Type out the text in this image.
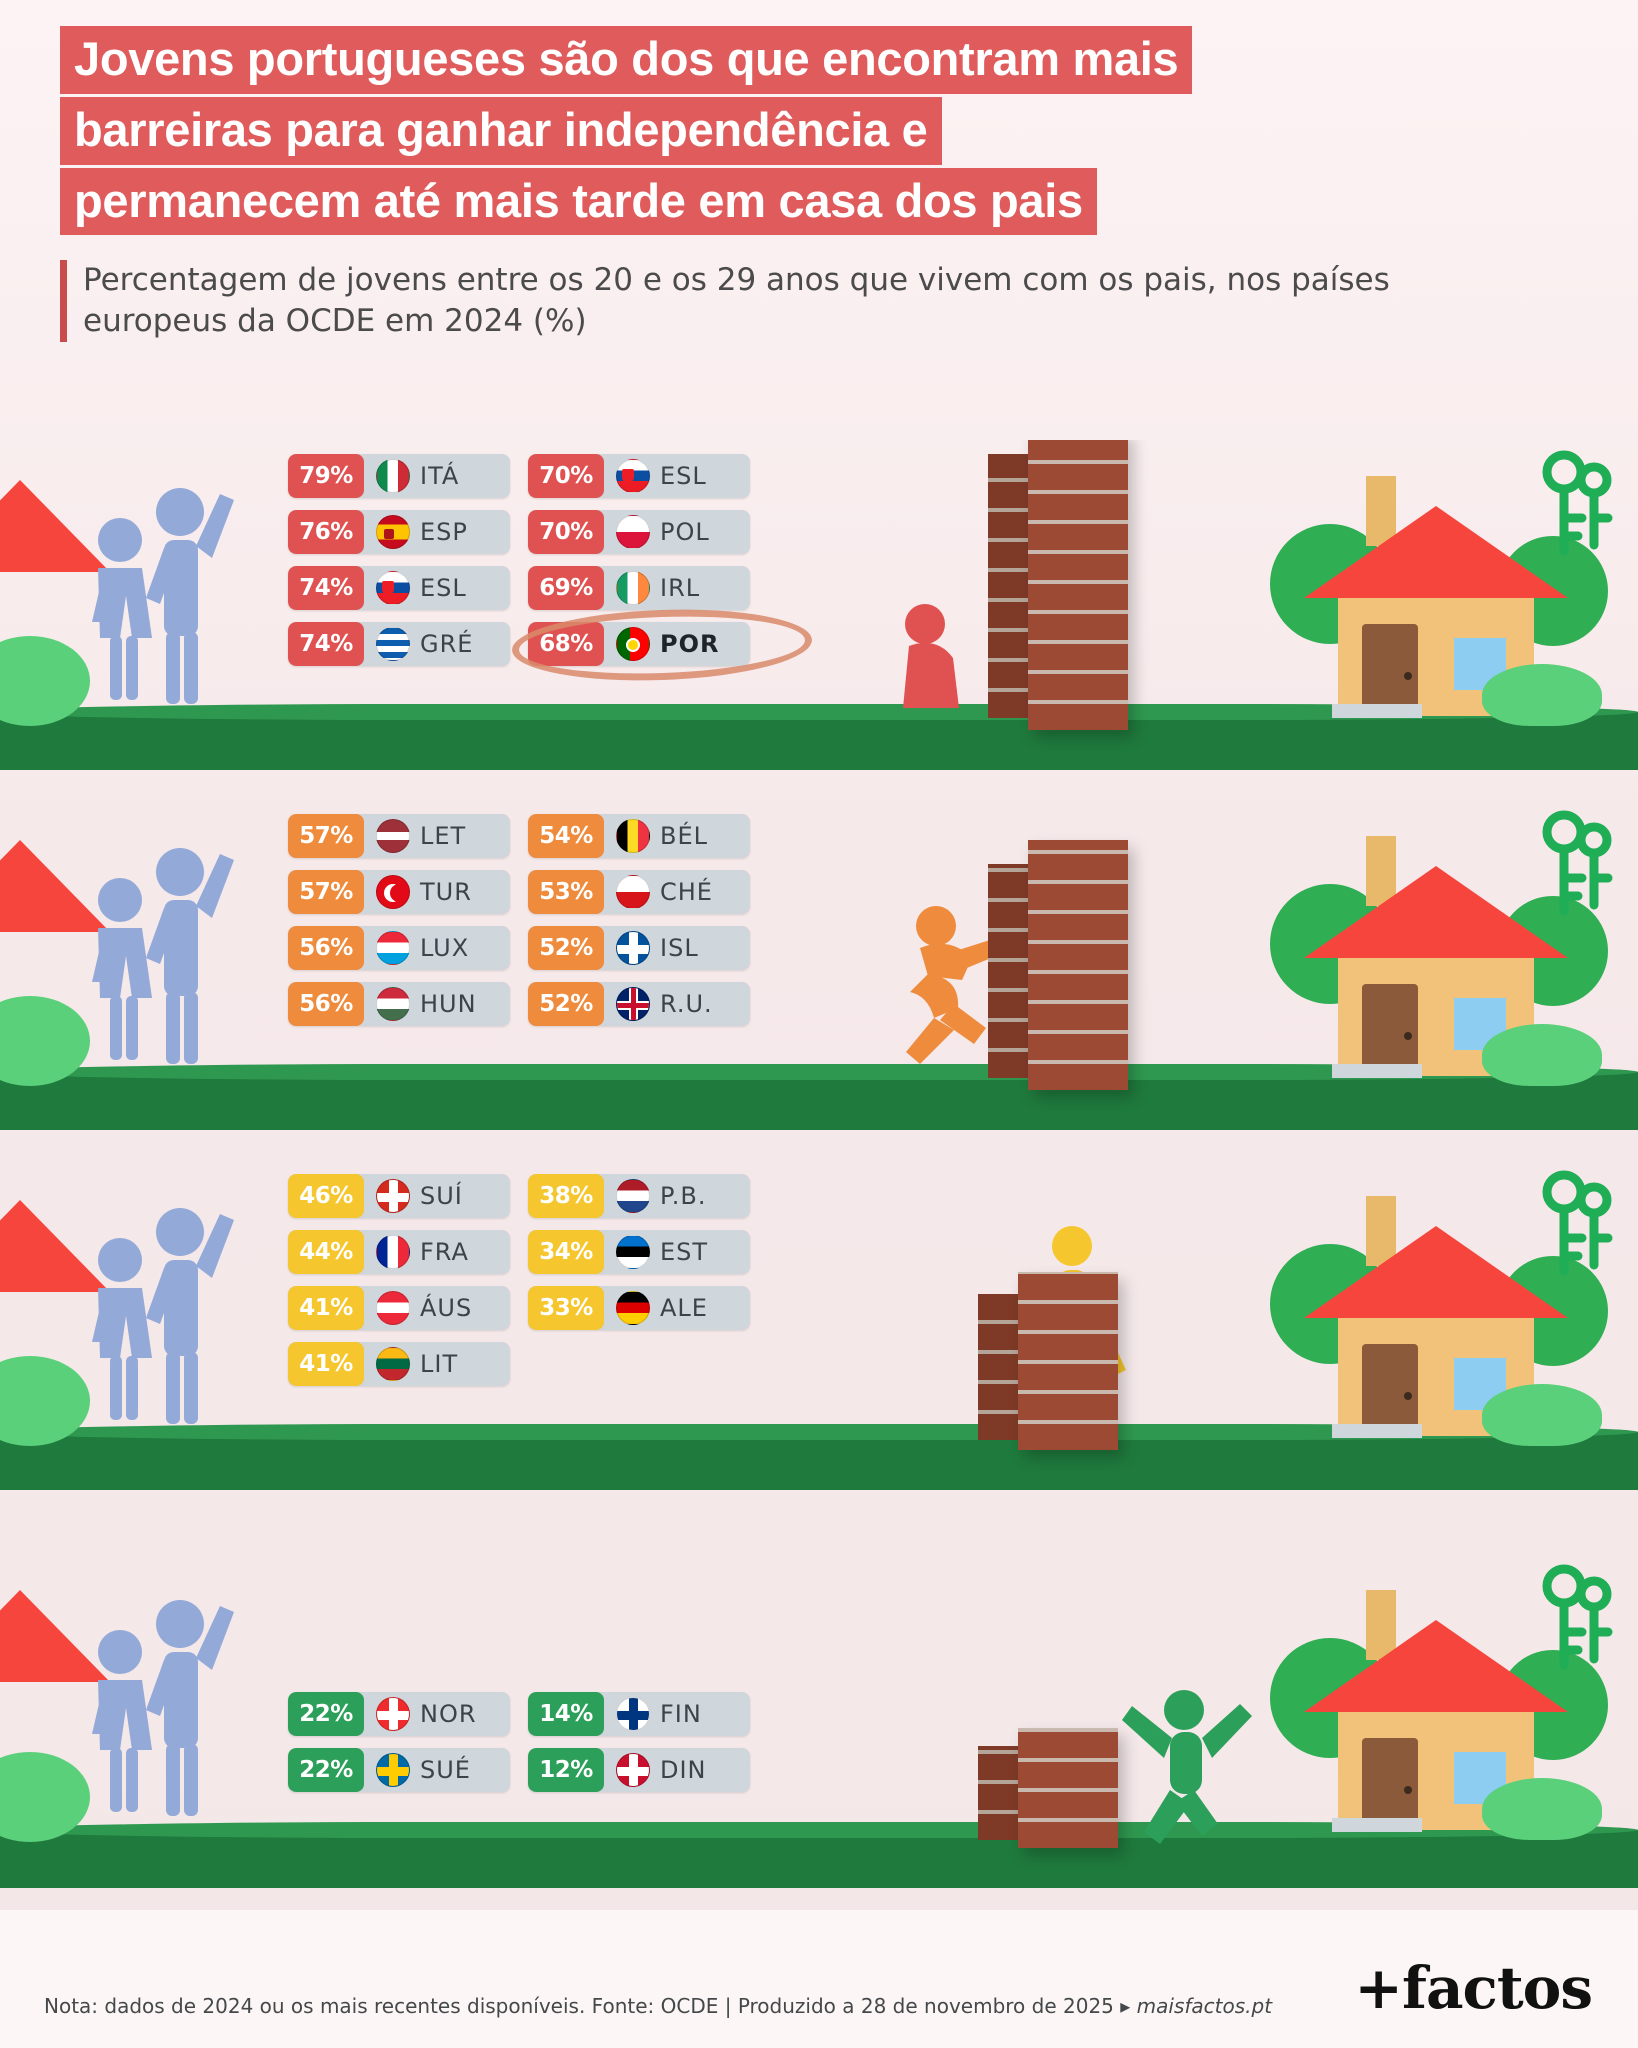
Jovens portugueses são dos que encontram mais
barreiras para ganhar independência e
permanecem até mais tarde em casa dos pais
Percentagem de jovens entre os 20 e os 29 anos que vivem com os pais, nos países europeus da OCDE em 2024 (%)
79%	ITÁ
76%	ESP
74%	ESL
74%	GRÉ
70%	ESL
70%	POL
69%	IRL
68%	POR
57%	LET
57%	TUR
56%	LUX
56%	HUN
54%	BÉL
53%	CHÉ
52%	ISL
52%	R.U.
46%	SUÍ
44%	FRA
41%	ÁUS
41%	LIT
38%	P.B.
34%	EST
33%	ALE
22%	NOR
22%	SUÉ
14%	FIN
12%	DIN
Nota: dados de 2024 ou os mais recentes disponíveis. Fonte: OCDE | Produzido a 28 de novembro de 2025 ▸ maisfactos.pt +factos
